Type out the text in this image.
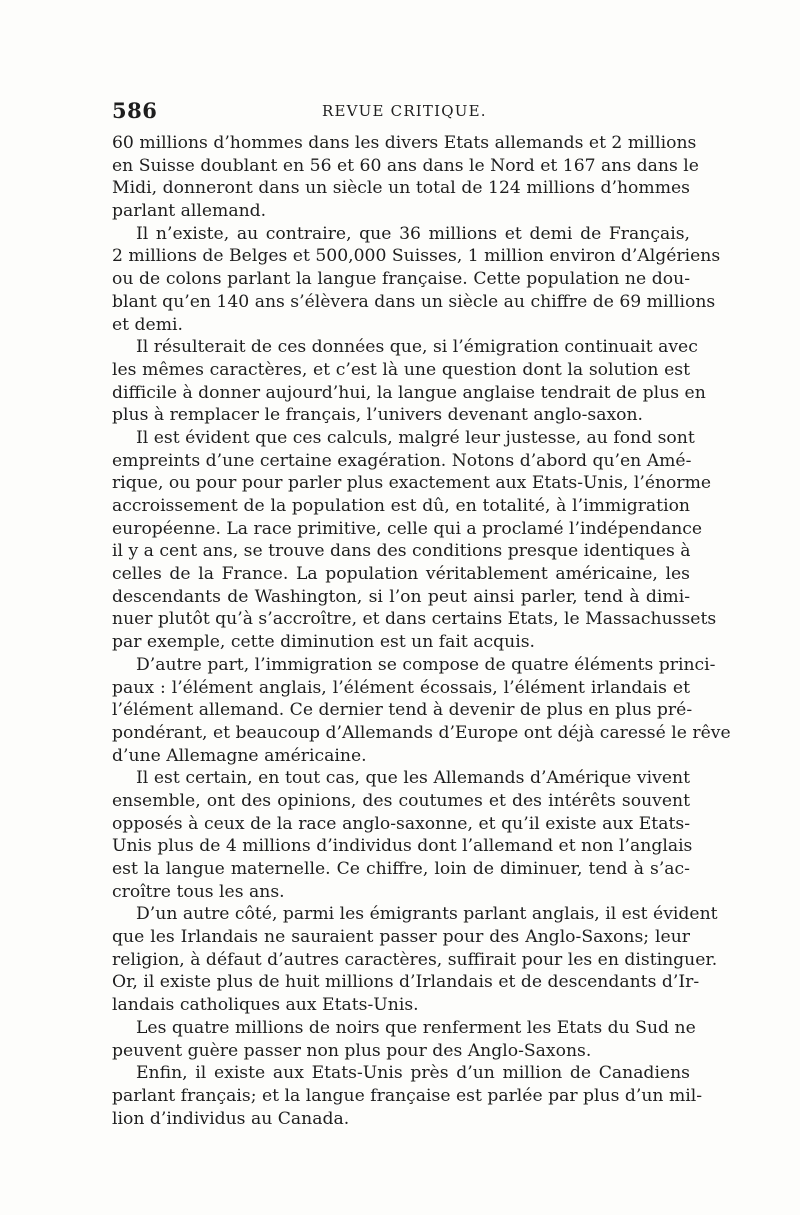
586	REVUE CRITIQUE.
60 millions d’hommes dans les divers Etats allemands et 2 millions
en Suisse doublant en 56 et 60 ans dans le Nord et 167 ans dans le
Midi, donneront dans un siècle un total de 124 millions d’hommes
parlant allemand.
Il n’existe, au contraire, que 36 millions et demi de Français,
2 millions de Belges et 500,000 Suisses, 1 million environ d’Algériens
ou de colons parlant la langue française. Cette population ne dou-
blant qu’en 140 ans s’élèvera dans un siècle au chiffre de 69 millions
et demi.
Il résulterait de ces données que, si l’émigration continuait avec
les mêmes caractères, et c’est là une question dont la solution est
difficile à donner aujourd’hui, la langue anglaise tendrait de plus en
plus à remplacer le français, l’univers devenant anglo-saxon.
Il est évident que ces calculs, malgré leur justesse, au fond sont
empreints d’une certaine exagération. Notons d’abord qu’en Amé-
rique, ou pour pour parler plus exactement aux Etats-Unis, l’énorme
accroissement de la population est dû, en totalité, à l’immigration
européenne. La race primitive, celle qui a proclamé l’indépendance
il y a cent ans, se trouve dans des conditions presque identiques à
celles de la France. La population véritablement américaine, les
descendants de Washington, si l’on peut ainsi parler, tend à dimi-
nuer plutôt qu’à s’accroître, et dans certains Etats, le Massachussets
par exemple, cette diminution est un fait acquis.
D’autre part, l’immigration se compose de quatre éléments princi-
paux : l’élément anglais, l’élément écossais, l’élément irlandais et
l’élément allemand. Ce dernier tend à devenir de plus en plus pré-
pondérant, et beaucoup d’Allemands d’Europe ont déjà caressé le rêve
d’une Allemagne américaine.
Il est certain, en tout cas, que les Allemands d’Amérique vivent
ensemble, ont des opinions, des coutumes et des intérêts souvent
opposés à ceux de la race anglo-saxonne, et qu’il existe aux Etats-
Unis plus de 4 millions d’individus dont l’allemand et non l’anglais
est la langue maternelle. Ce chiffre, loin de diminuer, tend à s’ac-
croître tous les ans.
D’un autre côté, parmi les émigrants parlant anglais, il est évident
que les Irlandais ne sauraient passer pour des Anglo-Saxons; leur
religion, à défaut d’autres caractères, suffirait pour les en distinguer.
Or, il existe plus de huit millions d’Irlandais et de descendants d’Ir-
landais catholiques aux Etats-Unis.
Les quatre millions de noirs que renferment les Etats du Sud ne
peuvent guère passer non plus pour des Anglo-Saxons.
Enfin, il existe aux Etats-Unis près d’un million de Canadiens
parlant français; et la langue française est parlée par plus d’un mil-
lion d’individus au Canada.
